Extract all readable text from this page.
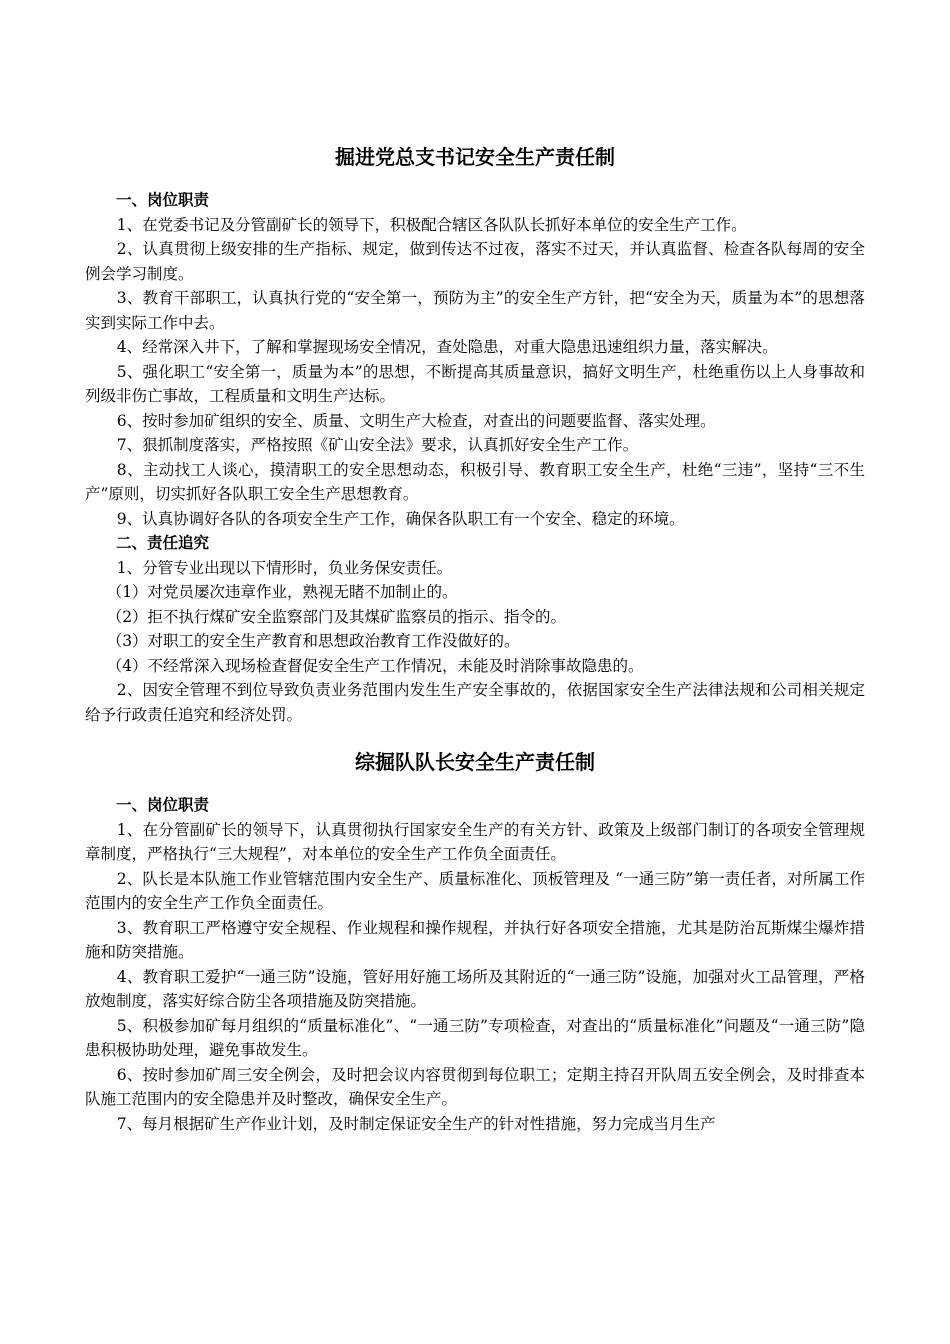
掘进党总支书记安全生产责任制

一、岗位职责

1、在党委书记及分管副矿长的领导下，积极配合辖区各队队长抓好本单位的安全生产工作。

2、认真贯彻上级安排的生产指标、规定，做到传达不过夜，落实不过天，并认真监督、检查各队每周的安全例会学习制度。

3、教育干部职工，认真执行党的“安全第一，预防为主”的安全生产方针，把“安全为天，质量为本”的思想落实到实际工作中去。

4、经常深入井下，了解和掌握现场安全情况，查处隐患，对重大隐患迅速组织力量，落实解决。

5、强化职工“安全第一，质量为本”的思想，不断提高其质量意识，搞好文明生产，杜绝重伤以上人身事故和列级非伤亡事故，工程质量和文明生产达标。

6、按时参加矿组织的安全、质量、文明生产大检查，对查出的问题要监督、落实处理。

7、狠抓制度落实，严格按照《矿山安全法》要求，认真抓好安全生产工作。

8、主动找工人谈心，摸清职工的安全思想动态，积极引导、教育职工安全生产，杜绝“三违”，坚持“三不生产”原则，切实抓好各队职工安全生产思想教育。

9、认真协调好各队的各项安全生产工作，确保各队职工有一个安全、稳定的环境。

二、责任追究

1、分管专业出现以下情形时，负业务保安责任。

（1）对党员屡次违章作业，熟视无睹不加制止的。

（2）拒不执行煤矿安全监察部门及其煤矿监察员的指示、指令的。

（3）对职工的安全生产教育和思想政治教育工作没做好的。

（4）不经常深入现场检查督促安全生产工作情况，未能及时消除事故隐患的。

2、因安全管理不到位导致负责业务范围内发生生产安全事故的，依据国家安全生产法律法规和公司相关规定给予行政责任追究和经济处罚。

综掘队队长安全生产责任制

一、岗位职责

1、在分管副矿长的领导下，认真贯彻执行国家安全生产的有关方针、政策及上级部门制订的各项安全管理规章制度，严格执行“三大规程”，对本单位的安全生产工作负全面责任。

2、队长是本队施工作业管辖范围内安全生产、质量标准化、顶板管理及 “一通三防”第一责任者，对所属工作范围内的安全生产工作负全面责任。

3、教育职工严格遵守安全规程、作业规程和操作规程，并执行好各项安全措施，尤其是防治瓦斯煤尘爆炸措施和防突措施。

4、教育职工爱护“一通三防”设施，管好用好施工场所及其附近的“一通三防”设施，加强对火工品管理，严格放炮制度，落实好综合防尘各项措施及防突措施。

5、积极参加矿每月组织的“质量标准化”、“一通三防”专项检查，对查出的“质量标准化”问题及“一通三防”隐患积极协助处理，避免事故发生。

6、按时参加矿周三安全例会，及时把会议内容贯彻到每位职工；定期主持召开队周五安全例会，及时排查本队施工范围内的安全隐患并及时整改，确保安全生产。

7、每月根据矿生产作业计划，及时制定保证安全生产的针对性措施，努力完成当月生产
